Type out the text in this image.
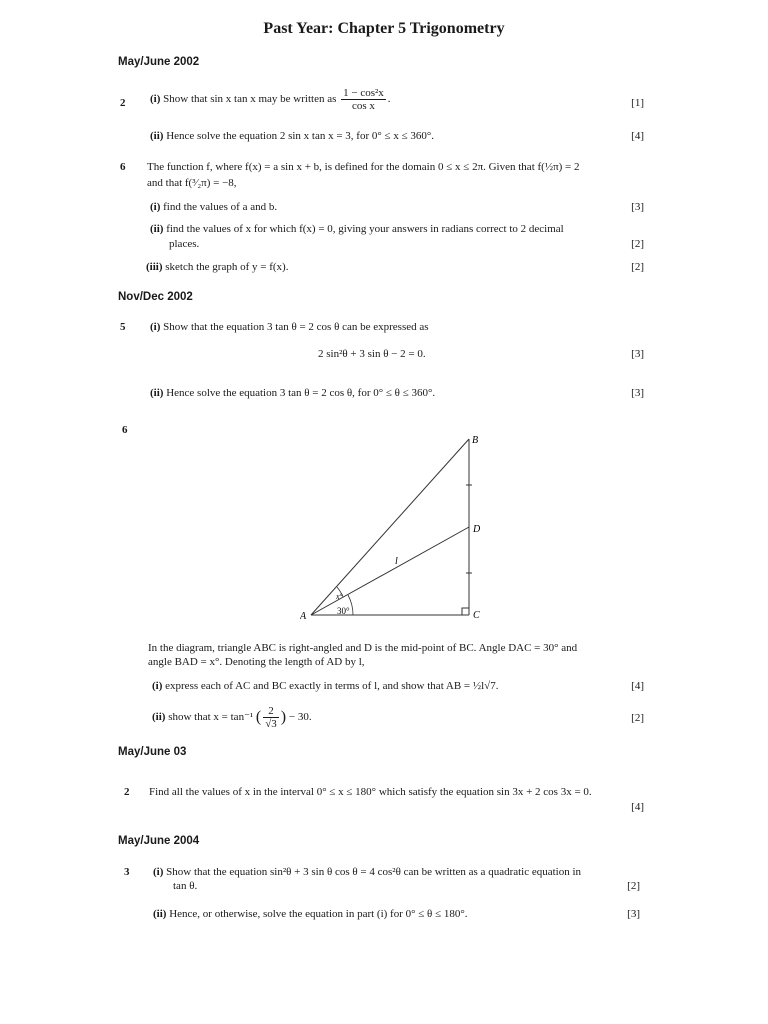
Past Year: Chapter 5 Trigonometry
May/June 2002
2 (i) Show that sin x tan x may be written as $\frac{\text{1 − cos²x}}{\text{cos x}}$ .	[1]
(ii) Hence solve the equation 2 sin x tan x = 3, for 0° ≤ x ≤ 360°.	[4]
6 The function f, where f(x) = a sin x + b, is defined for the domain 0 ≤ x ≤ 2π. Given that f(½π) = 2
and that f(³⁄₂π) = −8,
(i) find the values of a and b.	[3]
(ii) find the values of x for which f(x) = 0, giving your answers in radians correct to 2 decimal
places.	[2]
(iii) sketch the graph of y = f(x).	[2]
Nov/Dec 2002
5 (i) Show that the equation 3 tan θ = 2 cos θ can be expressed as
2 sin²θ + 3 sin θ − 2 = 0.	[3]
(ii) Hence solve the equation 3 tan θ = 2 cos θ, for 0° ≤ θ ≤ 360°.	[3]
6
A
B
C
D
l
x°
30°
In the diagram, triangle ABC is right-angled and D is the mid-point of BC. Angle DAC = 30° and
angle BAD = x°. Denoting the length of AD by l,
(i) express each of AC and BC exactly in terms of l, and show that AB = ½l√7.	[4]
(ii) show that x = tan⁻¹ ( $\frac{2}{√3}$ ) − 30.	[2]
May/June 03
2 Find all the values of x in the interval 0° ≤ x ≤ 180° which satisfy the equation sin 3x + 2 cos 3x = 0.
[4]
May/June 2004
3 (i) Show that the equation sin²θ + 3 sin θ cos θ = 4 cos²θ can be written as a quadratic equation in
tan θ.	[2]
(ii) Hence, or otherwise, solve the equation in part (i) for 0° ≤ θ ≤ 180°.	[3]
